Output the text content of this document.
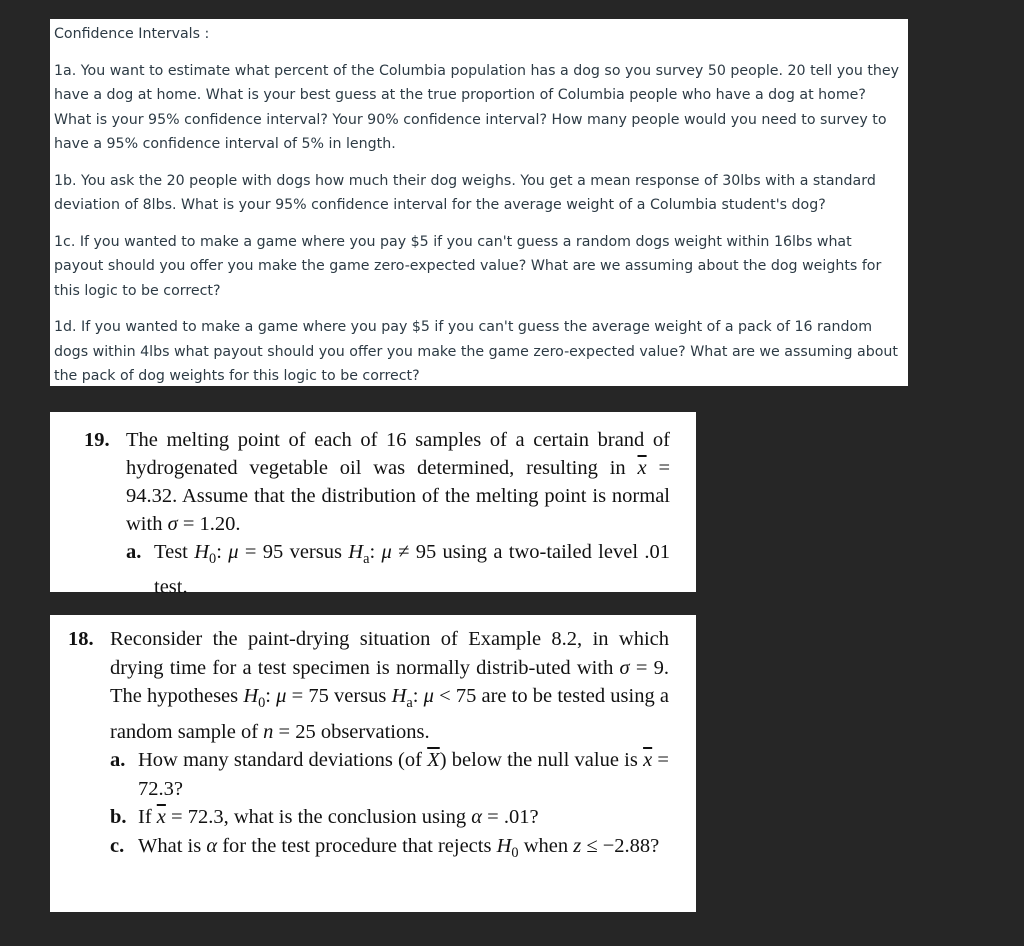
Confidence Intervals :

1a. You want to estimate what percent of the Columbia population has a dog so you survey 50 people. 20 tell you they have a dog at home. What is your best guess at the true proportion of Columbia people who have a dog at home? What is your 95% confidence interval? Your 90% confidence interval? How many people would you need to survey to have a 95% confidence interval of 5% in length.

1b. You ask the 20 people with dogs how much their dog weighs. You get a mean response of 30lbs with a standard deviation of 8lbs. What is your 95% confidence interval for the average weight of a Columbia student's dog?

1c. If you wanted to make a game where you pay $5 if you can't guess a random dogs weight within 16lbs what payout should you offer you make the game zero-expected value? What are we assuming about the dog weights for this logic to be correct?

1d. If you wanted to make a game where you pay $5 if you can't guess the average weight of a pack of 16 random dogs within 4lbs what payout should you offer you make the game zero-expected value? What are we assuming about the pack of dog weights for this logic to be correct?

19. The melting point of each of 16 samples of a certain brand of hydrogenated vegetable oil was determined, resulting in $\overline{x} = 94.32$. Assume that the distribution of the melting point is normal with σ = 1.20.
a. Test $H_0$: μ = 95 versus $H_a$: μ ≠ 95 using a two-tailed level .01 test.
18. Reconsider the paint-drying situation of Example 8.2, in which drying time for a test specimen is normally distrib-uted with σ = 9. The hypotheses $H_0$: μ = 75 versus $H_a$: μ < 75 are to be tested using a random sample of n = 25 observations.
a. How many standard deviations (of $\overline{X}$) below the null value is $\overline{x} = 72.3$?
b. If $\overline{x} = 72.3$, what is the conclusion using α = .01?
c. What is α for the test procedure that rejects $H_0$ when z ≤ −2.88?
